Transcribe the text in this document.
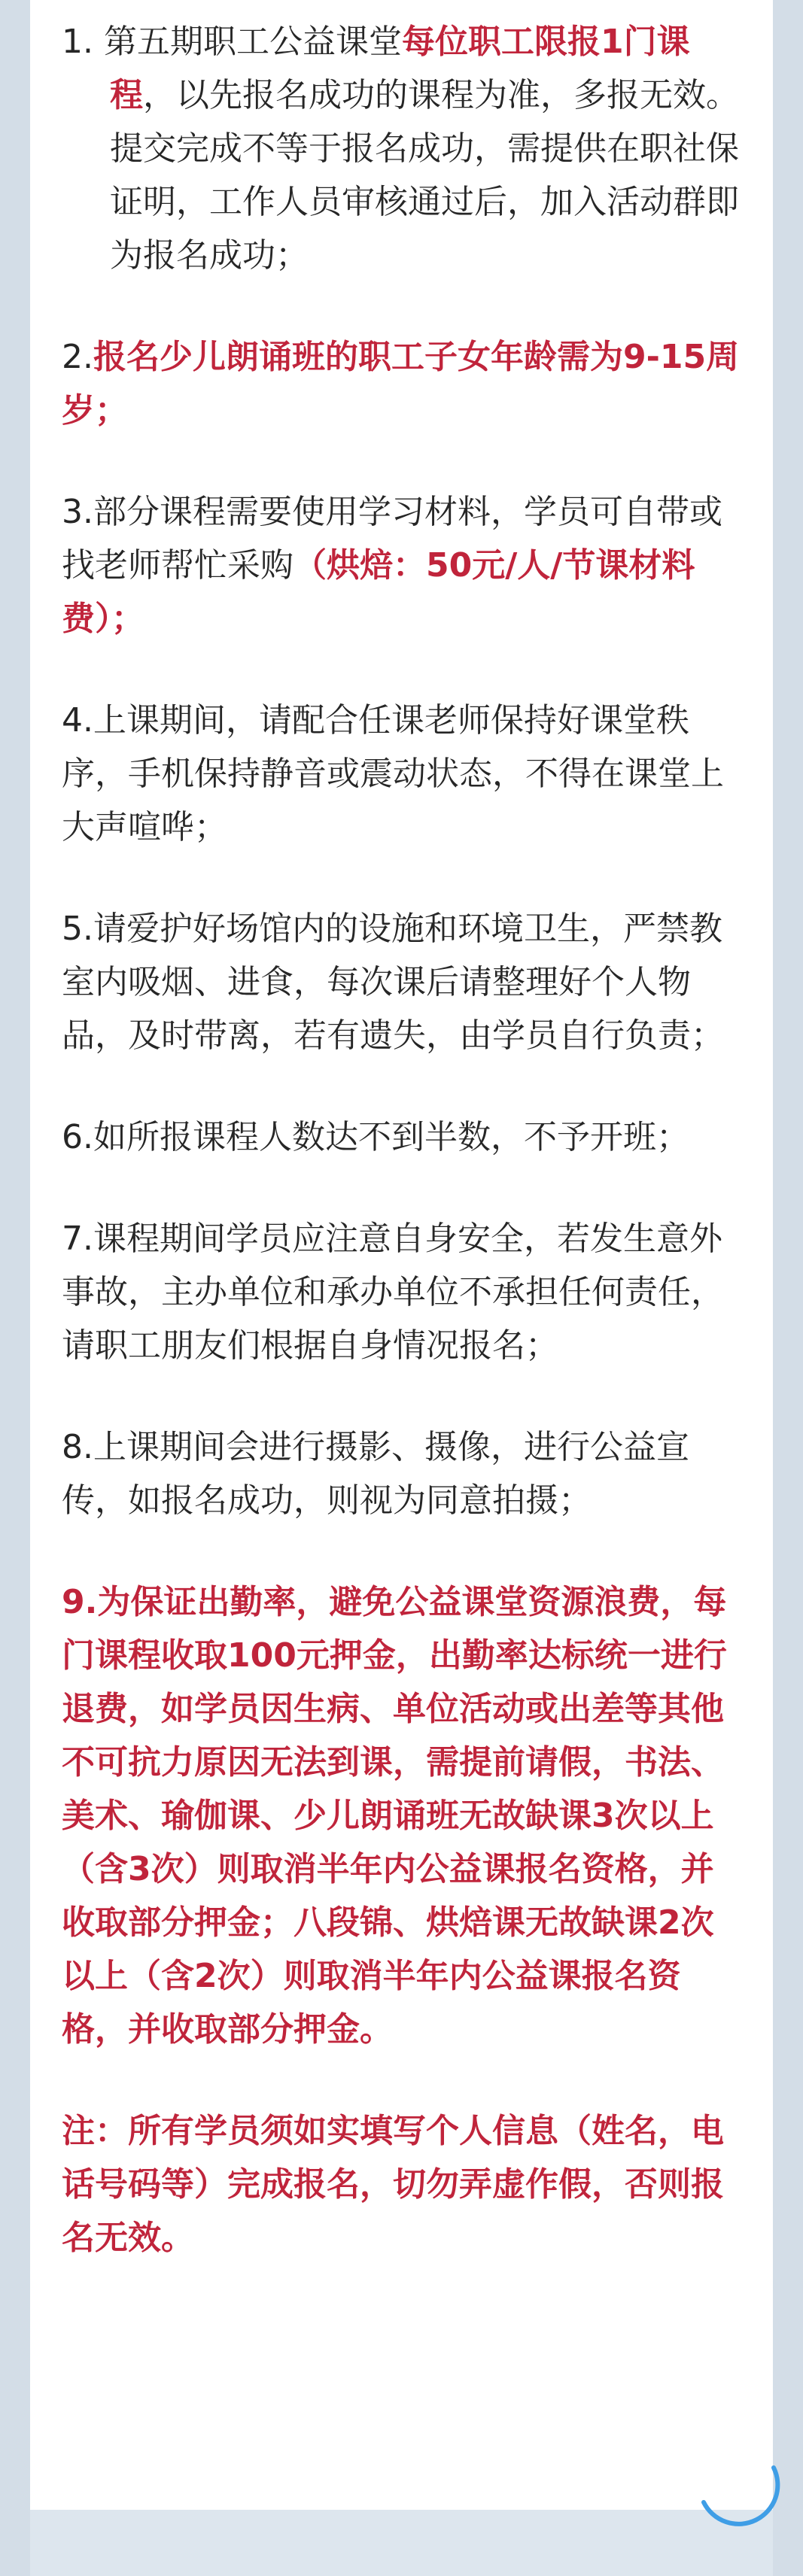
1. 第五期职工公益课堂每位职工限报1门课程，以先报名成功的课程为准，多报无效。提交完成不等于报名成功，需提供在职社保证明，工作人员审核通过后，加入活动群即为报名成功；

2.报名少儿朗诵班的职工子女年龄需为9-15周岁；

3.部分课程需要使用学习材料，学员可自带或找老师帮忙采购（烘焙：50元/人/节课材料费）；

4.上课期间，请配合任课老师保持好课堂秩序，手机保持静音或震动状态，不得在课堂上大声喧哗；

5.请爱护好场馆内的设施和环境卫生，严禁教室内吸烟、进食，每次课后请整理好个人物品，及时带离，若有遗失，由学员自行负责；

6.如所报课程人数达不到半数，不予开班；

7.课程期间学员应注意自身安全，若发生意外事故，主办单位和承办单位不承担任何责任，请职工朋友们根据自身情况报名；

8.上课期间会进行摄影、摄像，进行公益宣传，如报名成功，则视为同意拍摄；

9.为保证出勤率，避免公益课堂资源浪费，每门课程收取100元押金，出勤率达标统一进行退费，如学员因生病、单位活动或出差等其他不可抗力原因无法到课，需提前请假，书法、美术、瑜伽课、少儿朗诵班无故缺课3次以上（含3次）则取消半年内公益课报名资格，并收取部分押金；八段锦、烘焙课无故缺课2次以上（含2次）则取消半年内公益课报名资格，并收取部分押金。

注：所有学员须如实填写个人信息（姓名，电话号码等）完成报名，切勿弄虚作假，否则报名无效。
